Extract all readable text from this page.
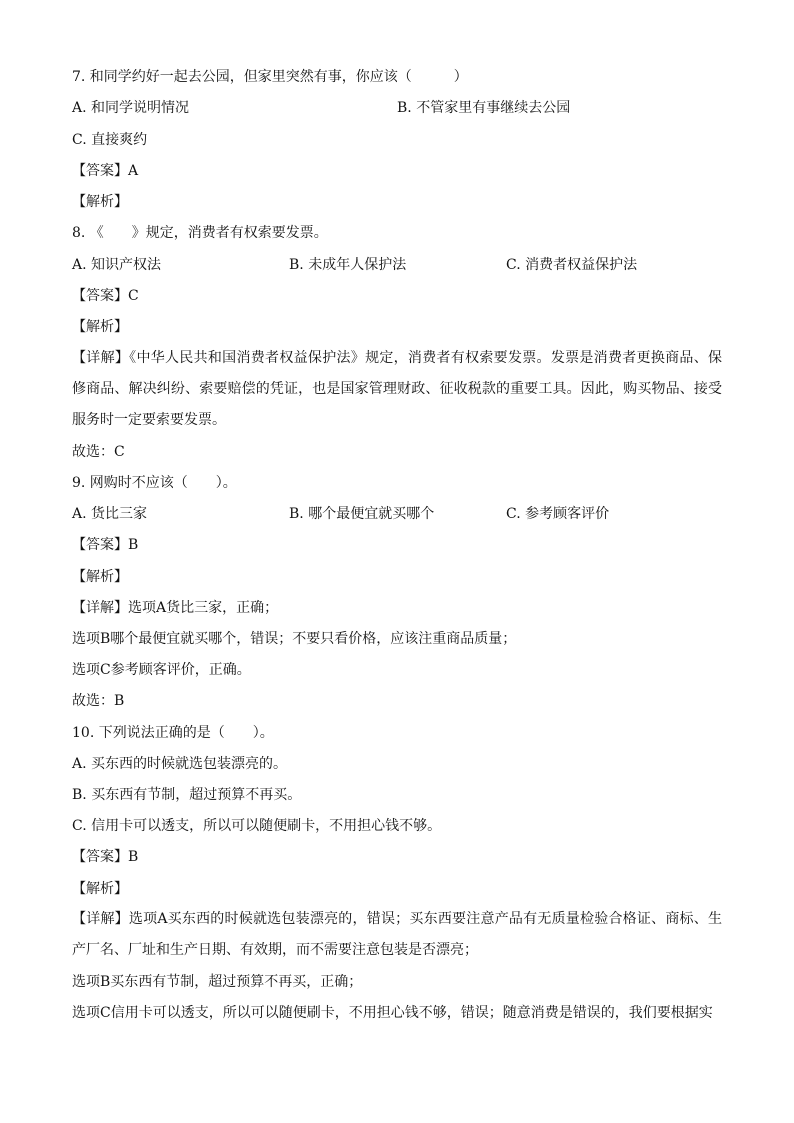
7. 和同学约好一起去公园，但家里突然有事，你应该（　　　）
A. 和同学说明情况	B. 不管家里有事继续去公园
C. 直接爽约
【答案】A
【解析】
8. 《　　》规定，消费者有权索要发票。
A. 知识产权法	B. 未成年人保护法	C. 消费者权益保护法
【答案】C
【解析】
【详解】《中华人民共和国消费者权益保护法》规定，消费者有权索要发票。发票是消费者更换商品、保修商品、解决纠纷、索要赔偿的凭证，也是国家管理财政、征收税款的重要工具。因此，购买物品、接受服务时一定要索要发票。
故选：C
9. 网购时不应该（　　）。
A. 货比三家	B. 哪个最便宜就买哪个	C. 参考顾客评价
【答案】B
【解析】
【详解】选项A货比三家，正确；
选项B哪个最便宜就买哪个，错误；不要只看价格，应该注重商品质量；
选项C参考顾客评价，正确。
故选：B
10. 下列说法正确的是（　　）。
A. 买东西的时候就选包装漂亮的。
B. 买东西有节制，超过预算不再买。
C. 信用卡可以透支，所以可以随便刷卡，不用担心钱不够。
【答案】B
【解析】
【详解】选项A买东西的时候就选包装漂亮的，错误；买东西要注意产品有无质量检验合格证、商标、生产厂名、厂址和生产日期、有效期，而不需要注意包装是否漂亮；
选项B买东西有节制，超过预算不再买，正确；
选项C信用卡可以透支，所以可以随便刷卡，不用担心钱不够，错误；随意消费是错误的，我们要根据实
